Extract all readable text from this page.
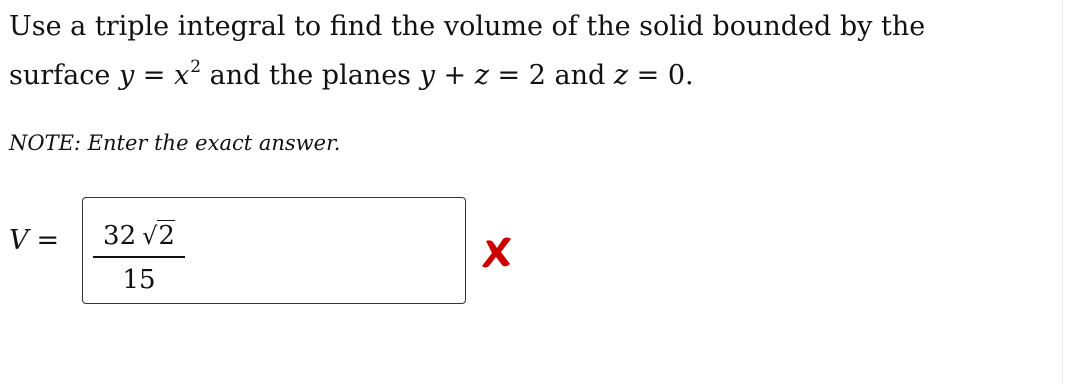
Use a triple integral to find the volume of the solid bounded by the surface $y = x^2$ and the planes y + z = 2 and z = 0.
NOTE: Enter the exact answer.
V =	32 √2
15
